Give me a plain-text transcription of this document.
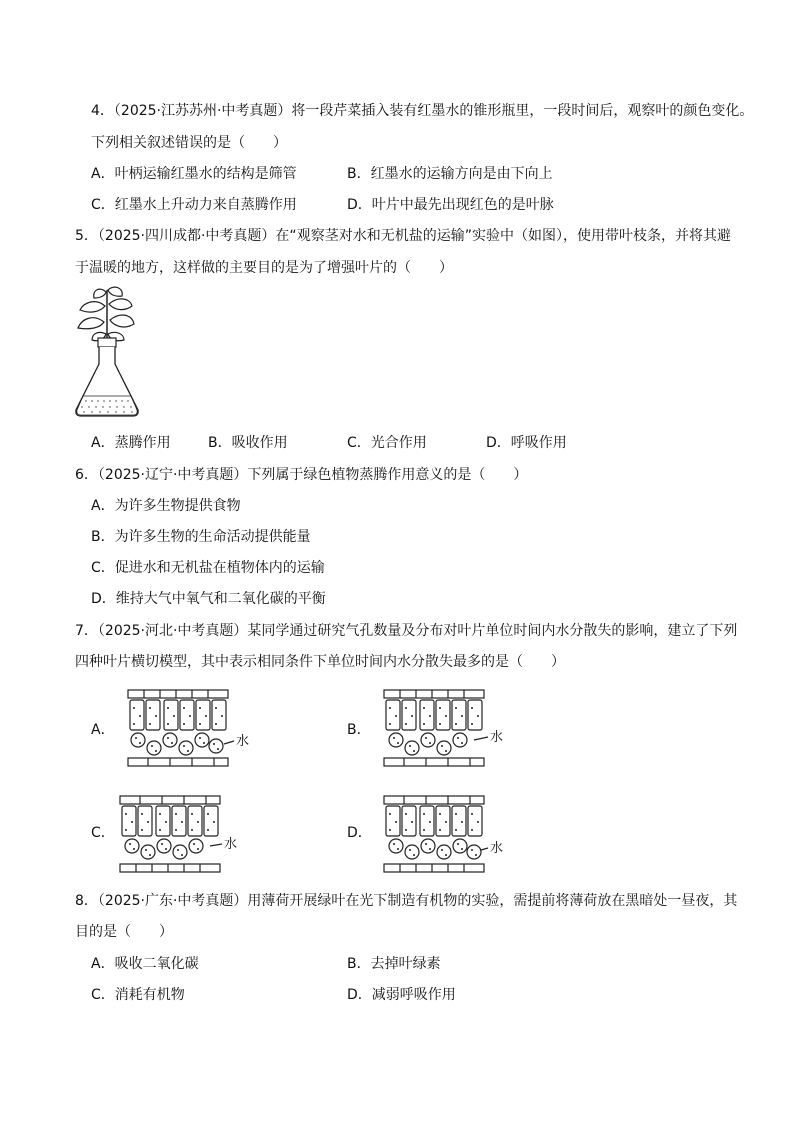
4．（2025·江苏苏州·中考真题）将一段芹菜插入装有红墨水的锥形瓶里，一段时间后，观察叶的颜色变化。
下列相关叙述错误的是（　　）
A．叶柄运输红墨水的结构是筛管	B．红墨水的运输方向是由下向上
C．红墨水上升动力来自蒸腾作用	D．叶片中最先出现红色的是叶脉
5．（2025·四川成都·中考真题）在“观察茎对水和无机盐的运输”实验中（如图），使用带叶枝条，并将其避
于温暖的地方，这样做的主要目的是为了增强叶片的（　　）
A．蒸腾作用	B．吸收作用	C．光合作用	D．呼吸作用
6．（2025·辽宁·中考真题）下列属于绿色植物蒸腾作用意义的是（　　）
A．为许多生物提供食物
B．为许多生物的生命活动提供能量
C．促进水和无机盐在植物体内的运输
D．维持大气中氧气和二氧化碳的平衡
7．（2025·河北·中考真题）某同学通过研究气孔数量及分布对叶片单位时间内水分散失的影响，建立了下列
四种叶片横切模型，其中表示相同条件下单位时间内水分散失最多的是（　　）
A．	B．
C．	D．
水	水
水	水
8．（2025·广东·中考真题）用薄荷开展绿叶在光下制造有机物的实验，需提前将薄荷放在黑暗处一昼夜，其
目的是（　　）
A．吸收二氧化碳	B．去掉叶绿素
C．消耗有机物	D．减弱呼吸作用
